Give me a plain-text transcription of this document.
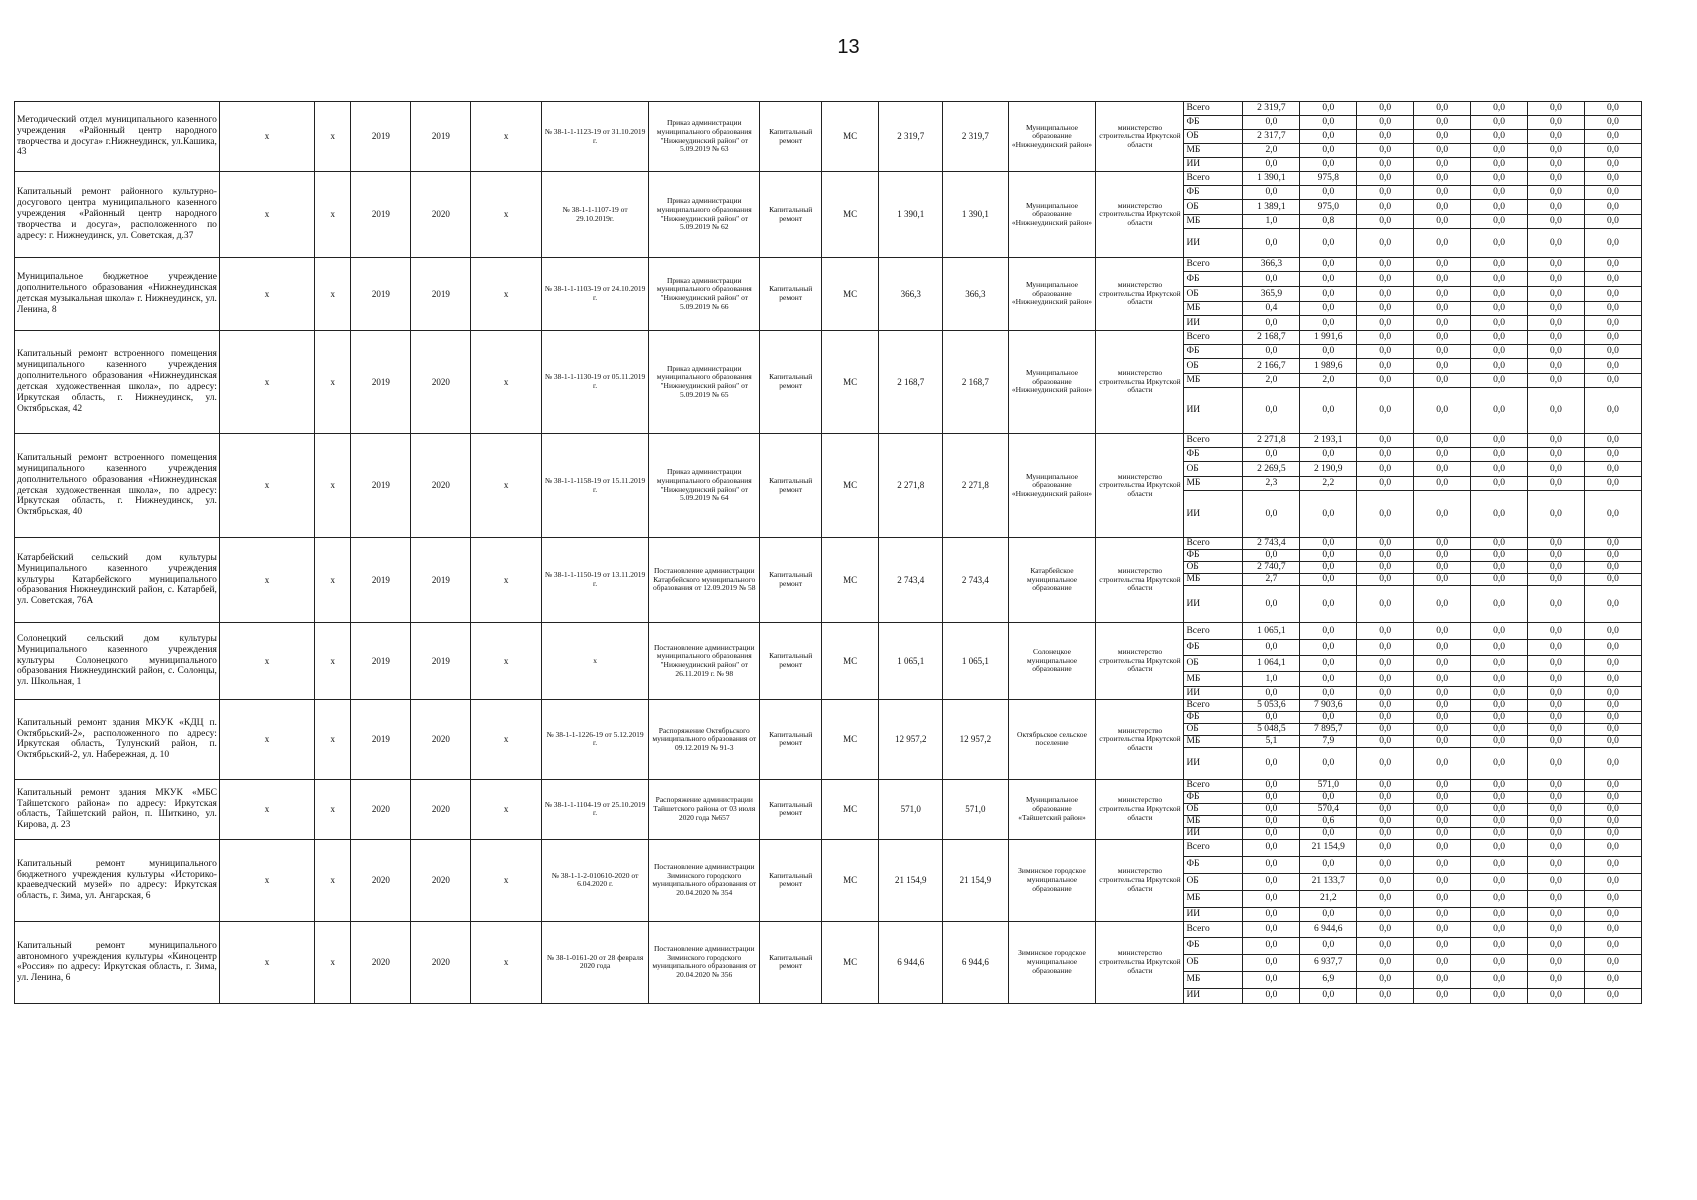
13
Методический отдел муниципального казенного учреждения «Районный центр народного творчества и досуга» г.Нижнеудинск, ул.Кашика, 43	x	x	2019	2019	x	№ 38-1-1-1123-19 от 31.10.2019 г.	Приказ администрации муниципального образования "Нижнеудинский район" от 5.09.2019 № 63	Капитальный ремонт	МС	2 319,7	2 319,7	Муниципальное образование «Нижнеудинский район»	министерство строительства Иркутской области	Всего	2 319,7	0,0	0,0	0,0	0,0	0,0	0,0
														ФБ	0,0	0,0	0,0	0,0	0,0	0,0	0,0
														ОБ	2 317,7	0,0	0,0	0,0	0,0	0,0	0,0
														МБ	2,0	0,0	0,0	0,0	0,0	0,0	0,0
														ИИ	0,0	0,0	0,0	0,0	0,0	0,0	0,0
Капитальный ремонт районного культурно-досугового центра муниципального казенного учреждения «Районный центр народного творчества и досуга», расположенного по адресу: г. Нижнеудинск, ул. Советская, д.37	x	x	2019	2020	x	№ 38-1-1-1107-19 от 29.10.2019г.	Приказ администрации муниципального образования "Нижнеудинский район" от 5.09.2019 № 62	Капитальный ремонт	МС	1 390,1	1 390,1	Муниципальное образование «Нижнеудинский район»	министерство строительства Иркутской области	Всего	1 390,1	975,8	0,0	0,0	0,0	0,0	0,0
														ФБ	0,0	0,0	0,0	0,0	0,0	0,0	0,0
														ОБ	1 389,1	975,0	0,0	0,0	0,0	0,0	0,0
														МБ	1,0	0,8	0,0	0,0	0,0	0,0	0,0
														ИИ	0,0	0,0	0,0	0,0	0,0	0,0	0,0
Муниципальное бюджетное учреждение дополнительного образования «Нижнеудинская детская музыкальная школа» г. Нижнеудинск, ул. Ленина, 8	x	x	2019	2019	x	№ 38-1-1-1103-19 от 24.10.2019 г.	Приказ администрации муниципального образования "Нижнеудинский район" от 5.09.2019 № 66	Капитальный ремонт	МС	366,3	366,3	Муниципальное образование «Нижнеудинский район»	министерство строительства Иркутской области	Всего	366,3	0,0	0,0	0,0	0,0	0,0	0,0
														ФБ	0,0	0,0	0,0	0,0	0,0	0,0	0,0
														ОБ	365,9	0,0	0,0	0,0	0,0	0,0	0,0
														МБ	0,4	0,0	0,0	0,0	0,0	0,0	0,0
														ИИ	0,0	0,0	0,0	0,0	0,0	0,0	0,0
Капитальный ремонт встроенного помещения муниципального казенного учреждения дополнительного образования «Нижнеудинская детская художественная школа», по адресу: Иркутская область, г. Нижнеудинск, ул. Октябрьская, 42	x	x	2019	2020	x	№ 38-1-1-1130-19 от 05.11.2019 г.	Приказ администрации муниципального образования "Нижнеудинский район" от 5.09.2019 № 65	Капитальный ремонт	МС	2 168,7	2 168,7	Муниципальное образование «Нижнеудинский район»	министерство строительства Иркутской области	Всего	2 168,7	1 991,6	0,0	0,0	0,0	0,0	0,0
														ФБ	0,0	0,0	0,0	0,0	0,0	0,0	0,0
														ОБ	2 166,7	1 989,6	0,0	0,0	0,0	0,0	0,0
														МБ	2,0	2,0	0,0	0,0	0,0	0,0	0,0
														ИИ	0,0	0,0	0,0	0,0	0,0	0,0	0,0
Капитальный ремонт встроенного помещения муниципального казенного учреждения дополнительного образования «Нижнеудинская детская художественная школа», по адресу: Иркутская область, г. Нижнеудинск, ул. Октябрьская, 40	x	x	2019	2020	x	№ 38-1-1-1158-19 от 15.11.2019 г.	Приказ администрации муниципального образования "Нижнеудинский район" от 5.09.2019 № 64	Капитальный ремонт	МС	2 271,8	2 271,8	Муниципальное образование «Нижнеудинский район»	министерство строительства Иркутской области	Всего	2 271,8	2 193,1	0,0	0,0	0,0	0,0	0,0
														ФБ	0,0	0,0	0,0	0,0	0,0	0,0	0,0
														ОБ	2 269,5	2 190,9	0,0	0,0	0,0	0,0	0,0
														МБ	2,3	2,2	0,0	0,0	0,0	0,0	0,0
														ИИ	0,0	0,0	0,0	0,0	0,0	0,0	0,0
Катарбейский сельский дом культуры Муниципального казенного учреждения культуры Катарбейского муниципального образования Нижнеудинский район, с. Катарбей, ул. Советская, 76А	x	x	2019	2019	x	№ 38-1-1-1150-19 от 13.11.2019 г.	Постановление администрации Катарбейского муниципального образования от 12.09.2019 № 58	Капитальный ремонт	МС	2 743,4	2 743,4	Катарбейское муниципальное образование	министерство строительства Иркутской области	Всего	2 743,4	0,0	0,0	0,0	0,0	0,0	0,0
														ФБ	0,0	0,0	0,0	0,0	0,0	0,0	0,0
														ОБ	2 740,7	0,0	0,0	0,0	0,0	0,0	0,0
														МБ	2,7	0,0	0,0	0,0	0,0	0,0	0,0
														ИИ	0,0	0,0	0,0	0,0	0,0	0,0	0,0
Солонецкий сельский дом культуры Муниципального казенного учреждения культуры Солонецкого муниципального образования Нижнеудинский район, с. Солонцы, ул. Школьная, 1	x	x	2019	2019	x	x	Постановление администрации муниципального образования "Нижнеудинский район" от 26.11.2019 г. № 98	Капитальный ремонт	МС	1 065,1	1 065,1	Солонецкое муниципальное образование	министерство строительства Иркутской области	Всего	1 065,1	0,0	0,0	0,0	0,0	0,0	0,0
														ФБ	0,0	0,0	0,0	0,0	0,0	0,0	0,0
														ОБ	1 064,1	0,0	0,0	0,0	0,0	0,0	0,0
														МБ	1,0	0,0	0,0	0,0	0,0	0,0	0,0
														ИИ	0,0	0,0	0,0	0,0	0,0	0,0	0,0
Капитальный ремонт здания МКУК «КДЦ п. Октябрьский-2», расположенного по адресу: Иркутская область, Тулунский район, п. Октябрьский-2, ул. Набережная, д. 10	x	x	2019	2020	x	№ 38-1-1-1226-19 от 5.12.2019 г.	Распоряжение Октябрьского муниципального образования от 09.12.2019 № 91-3	Капитальный ремонт	МС	12 957,2	12 957,2	Октябрьское сельское поселение	министерство строительства Иркутской области	Всего	5 053,6	7 903,6	0,0	0,0	0,0	0,0	0,0
														ФБ	0,0	0,0	0,0	0,0	0,0	0,0	0,0
														ОБ	5 048,5	7 895,7	0,0	0,0	0,0	0,0	0,0
														МБ	5,1	7,9	0,0	0,0	0,0	0,0	0,0
														ИИ	0,0	0,0	0,0	0,0	0,0	0,0	0,0
Капитальный ремонт здания МКУК «МБС Тайшетского района» по адресу: Иркутская область, Тайшетский район, п. Шиткино, ул. Кирова, д. 23	x	x	2020	2020	x	№ 38-1-1-1104-19 от 25.10.2019 г.	Распоряжение администрации Тайшетского района от 03 июля 2020 года №657	Капитальный ремонт	МС	571,0	571,0	Муниципальное образование «Тайшетский район»	министерство строительства Иркутской области	Всего	0,0	571,0	0,0	0,0	0,0	0,0	0,0
														ФБ	0,0	0,0	0,0	0,0	0,0	0,0	0,0
														ОБ	0,0	570,4	0,0	0,0	0,0	0,0	0,0
														МБ	0,0	0,6	0,0	0,0	0,0	0,0	0,0
														ИИ	0,0	0,0	0,0	0,0	0,0	0,0	0,0
Капитальный ремонт муниципального бюджетного учреждения культуры «Историко-краеведческий музей» по адресу: Иркутская область, г. Зима, ул. Ангарская, 6	x	x	2020	2020	x	№ 38-1-1-2-010610-2020 от 6.04.2020 г.	Постановление администрации Зиминского городского муниципального образования от 20.04.2020 № 354	Капитальный ремонт	МС	21 154,9	21 154,9	Зиминское городское муниципальное образование	министерство строительства Иркутской области	Всего	0,0	21 154,9	0,0	0,0	0,0	0,0	0,0
														ФБ	0,0	0,0	0,0	0,0	0,0	0,0	0,0
														ОБ	0,0	21 133,7	0,0	0,0	0,0	0,0	0,0
														МБ	0,0	21,2	0,0	0,0	0,0	0,0	0,0
														ИИ	0,0	0,0	0,0	0,0	0,0	0,0	0,0
Капитальный ремонт муниципального автономного учреждения культуры «Киноцентр «Россия» по адресу: Иркутская область, г. Зима, ул. Ленина, 6	x	x	2020	2020	x	№ 38-1-0161-20 от 28 февраля 2020 года	Постановление администрации Зиминского городского муниципального образования от 20.04.2020 № 356	Капитальный ремонт	МС	6 944,6	6 944,6	Зиминское городское муниципальное образование	министерство строительства Иркутской области	Всего	0,0	6 944,6	0,0	0,0	0,0	0,0	0,0
														ФБ	0,0	0,0	0,0	0,0	0,0	0,0	0,0
														ОБ	0,0	6 937,7	0,0	0,0	0,0	0,0	0,0
														МБ	0,0	6,9	0,0	0,0	0,0	0,0	0,0
														ИИ	0,0	0,0	0,0	0,0	0,0	0,0	0,0
